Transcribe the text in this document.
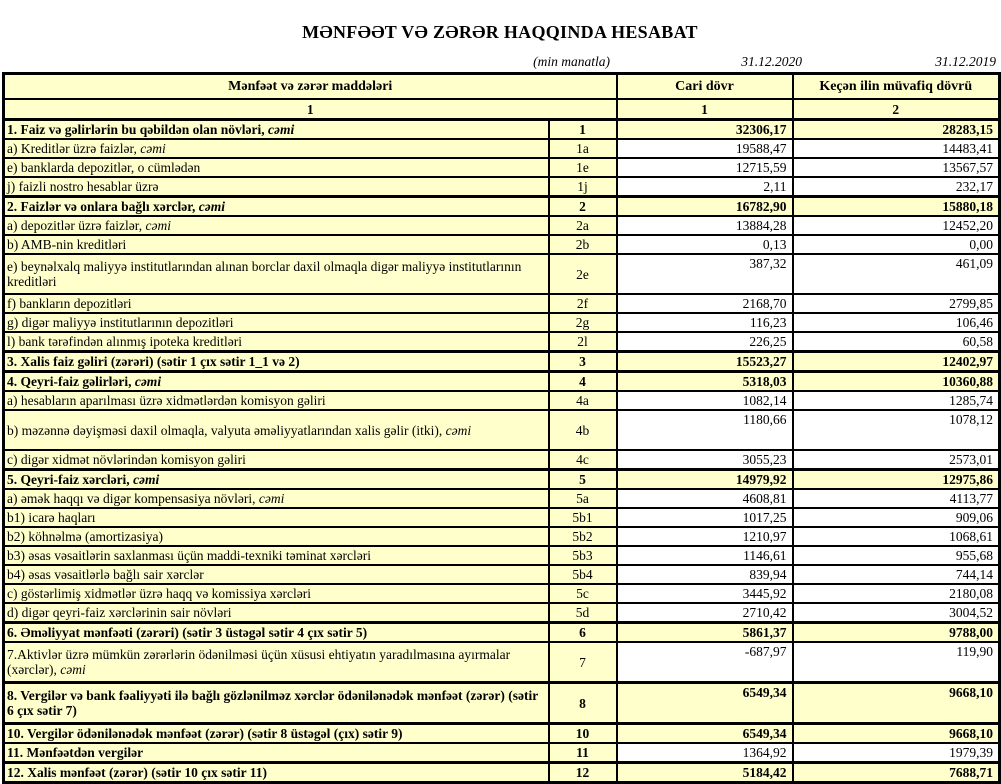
MƏNFƏƏT VƏ ZƏRƏR HAQQINDA HESABAT
(min manatla)	31.12.2020	31.12.2019
Mənfəət və zərər maddələri		Cari dövr	Keçən ilin müvafiq dövrü
1		1	2
1. Faiz və gəlirlərin bu qəbildən olan növləri, cəmi	1	32306,17	28283,15
a) Kreditlər üzrə faizlər, cəmi	1a	19588,47	14483,41
e) banklarda depozitlər, o cümlədən	1e	12715,59	13567,57
j) faizli nostro hesablar üzrə	1j	2,11	232,17
2. Faizlər və onlara bağlı xərclər, cəmi	2	16782,90	15880,18
a) depozitlər üzrə faizlər, cəmi	2a	13884,28	12452,20
b) AMB-nin kreditləri	2b	0,13	0,00
e) beynəlxalq maliyyə institutlarından alınan borclar daxil olmaqla digər maliyyə institutlarının kreditləri	2e	387,32	461,09
f) bankların depozitləri	2f	2168,70	2799,85
g) digər maliyyə institutlarının depozitləri	2g	116,23	106,46
l) bank tərəfindən alınmış ipoteka kreditləri	2l	226,25	60,58
3. Xalis faiz gəliri (zərəri) (sətir 1 çıx sətir 1_1 və 2)	3	15523,27	12402,97
4. Qeyri-faiz gəlirləri, cəmi	4	5318,03	10360,88
a) hesabların aparılması üzrə xidmətlərdən komisyon gəliri	4a	1082,14	1285,74
b) məzənnə dəyişməsi daxil olmaqla, valyuta əməliyyatlarından xalis gəlir (itki), cəmi	4b	1180,66	1078,12
c) digər xidmət növlərindən komisyon gəliri	4c	3055,23	2573,01
5. Qeyri-faiz xərcləri, cəmi	5	14979,92	12975,86
a) əmək haqqı və digər kompensasiya növləri, cəmi	5a	4608,81	4113,77
b1) icarə haqları	5b1	1017,25	909,06
b2) köhnəlmə (amortizasiya)	5b2	1210,97	1068,61
b3) əsas vəsaitlərin saxlanması üçün maddi-texniki təminat xərcləri	5b3	1146,61	955,68
b4) əsas vəsaitlərlə bağlı sair xərclər	5b4	839,94	744,14
c) göstərlimiş xidmətlər üzrə haqq və komissiya xərcləri	5c	3445,92	2180,08
d) digər qeyri-faiz xərclərinin sair növləri	5d	2710,42	3004,52
6. Əməliyyat mənfəəti (zərəri) (sətir 3 üstəgəl sətir 4 çıx sətir 5)	6	5861,37	9788,00
7.Aktivlər üzrə mümkün zərərlərin ödənilməsi üçün xüsusi ehtiyatın yaradılmasına ayırmalar (xərclər), cəmi	7	-687,97	119,90
8. Vergilər və bank fəaliyyəti ilə bağlı gözlənilməz xərclər ödənilənədək mənfəət (zərər) (sətir 6 çıx sətir 7)	8	6549,34	9668,10
10. Vergilər ödənilənədək mənfəət (zərər) (sətir 8 üstəgəl (çıx) sətir 9)	10	6549,34	9668,10
11. Mənfəətdən vergilər	11	1364,92	1979,39
12. Xalis mənfəət (zərər) (sətir 10 çıx sətir 11)	12	5184,42	7688,71
